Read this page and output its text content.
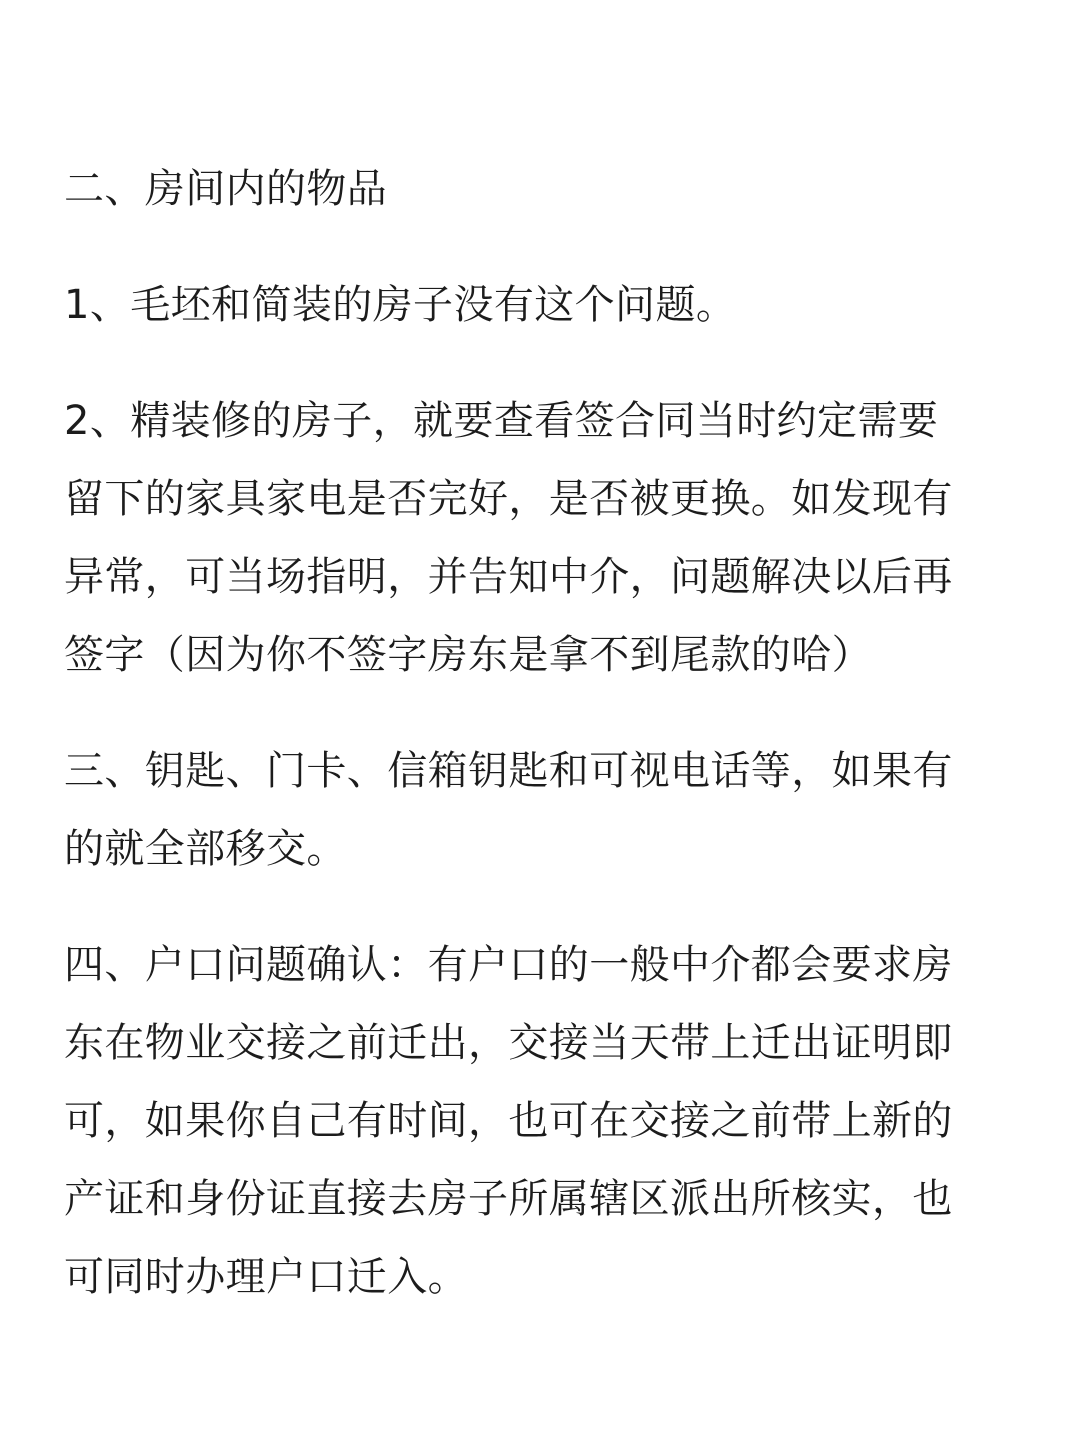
二、房间内的物品

1、毛坯和简装的房子没有这个问题。

2、精装修的房子，就要查看签合同当时约定需要
留下的家具家电是否完好，是否被更换。如发现有
异常，可当场指明，并告知中介，问题解决以后再
签字（因为你不签字房东是拿不到尾款的哈）

三、钥匙、门卡、信箱钥匙和可视电话等，如果有
的就全部移交。

四、户口问题确认：有户口的一般中介都会要求房
东在物业交接之前迁出，交接当天带上迁出证明即
可，如果你自己有时间，也可在交接之前带上新的
产证和身份证直接去房子所属辖区派出所核实，也
可同时办理户口迁入。
